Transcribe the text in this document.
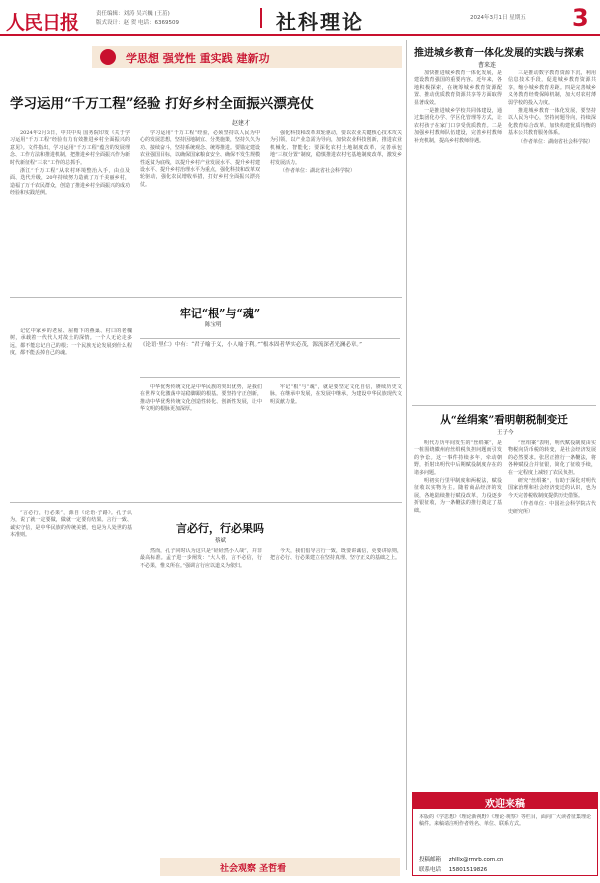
人民日报	责任编辑：刘涛 吴兴巍 (王茁)
版式设计：赵 贺 电话：6369509	社科理论	2024年3月1日 星期五 3
学思想 强党性 重实践 建新功
学习运用“千万工程”经验 打好乡村全面振兴漂亮仗
赵建才

2024年2月3日，中共中央 国务院印发《关于学习运用“千万工程”经验有力有效推进乡村全面振兴的意见》。文件指出，学习运用“千万工程”蕴含的发展理念、工作方法和推进机制，把推进乡村全面振兴作为新时代新征程“三农”工作的总抓手。

浙江“千万工程”从农村环境整治入手，由点及面、迭代升级，20年持续努力造就了万千美丽乡村，造福了万千农民群众，创造了推进乡村全面振兴的成功经验和实践范例。

学习运用“千万工程”经验，必须坚持以人民为中心的发展思想，坚持因地制宜、分类施策，坚持久久为功、接续奋斗，坚持系统观念、统筹推进。要锚定建设农业强国目标，以确保国家粮食安全、确保不发生规模性返贫为底线，以提升乡村产业发展水平、提升乡村建设水平、提升乡村治理水平为重点，强化科技和改革双轮驱动，强化农民增收举措，打好乡村全面振兴漂亮仗。

强化科技和改革双轮驱动，要以农业关键核心技术攻关为引领，以产业急需为导向，加快农业科技创新，推进农业机械化、智能化；要深化农村土地制度改革，完善承包地“三权分置”制度，稳慎推进农村宅基地制度改革，激发乡村发展活力。

（作者单位：湖北省社会科学院）

推进城乡教育一体化发展的实践与探索
曹来连

加快推进城乡教育一体化发展，是建设教育强国的重要内容。近年来，各地积极探索，在统筹城乡教育资源配置、推动优质教育资源共享等方面取得显著成效。

一是推进城乡学校共同体建设，通过集团化办学、学区化管理等方式，让农村孩子在家门口享受优质教育。二是加强乡村教师队伍建设，完善乡村教师补充机制，提高乡村教师待遇。

三是推动数字教育资源下沉，利用信息技术手段，促进城乡教育资源共享，缩小城乡教育差距。四是完善城乡义务教育经费保障机制，加大对农村薄弱学校的投入力度。

推进城乡教育一体化发展，要坚持以人民为中心，坚持问题导向，持续深化教育综合改革，加快构建优质均衡的基本公共教育服务体系。

（作者单位：湖南省社会科学院）

牢记“根”与“魂”
陈宝明
《论语·里仁》中有：“君子喻于义，小人喻于利。”“根本固者华实必茂，源流深者光澜必章。”

记忆中家乡的老屋、屋檐下的燕巢、村口的老槐树，承载着一代代人对故土的深情。一个人无论走多远，都不能忘记自己的根；一个民族无论发展到什么程度，都不能丢掉自己的魂。

中华优秀传统文化是中华民族的突出优势，是我们在世界文化激荡中站稳脚跟的根基。要坚持守正创新，推动中华优秀传统文化创造性转化、创新性发展，让中华文明的根脉更加深厚。

牢记“根”与“魂”，就是要坚定文化自信，赓续历史文脉，在继承中发展，在发展中继承，为建设中华民族现代文明贡献力量。

言必行，行必果吗
蔡斌

“言必行，行必果”，源自《论语·子路》。孔子认为，说了就一定要做，做就一定要有结果。言行一致、诚实守信，是中华民族的传统美德，也是为人处世的基本准则。

然而，孔子同时认为这只是“硁硁然小人哉”，并非最高标准。孟子进一步阐发：“大人者，言不必信，行不必果，惟义所在。”强调言行应以道义为依归。

今天，我们倡导言行一致，既要讲诚信，更要讲原则，把言必行、行必果建立在坚持真理、坚守正义的基础之上。

社会观察 圣哲看
从“丝绢案”看明朝税制变迁
王子今

明代万历年间发生的“丝绢案”，是一桩围绕徽州府丝绢税负担问题而引发的争讼。这一事件持续多年，牵动朝野，折射出明代中后期赋役制度存在的诸多问题。

明初实行里甲制度和两税法，赋役征收以实物为主。随着商品经济的发展，各地陆续推行赋役改革，力役逐步折银征收，为一条鞭法的推行奠定了基础。

“丝绢案”表明，明代赋役制度由实物税向货币税的转变，是社会经济发展的必然要求。张居正推行一条鞭法，将各种赋役合并征银，简化了征收手续，在一定程度上减轻了农民负担。

研究“丝绢案”，有助于深化对明代国家治理和社会经济变迁的认识，也为今天完善税收制度提供历史借鉴。

（作者单位：中国社会科学院古代史研究所）

欢迎来稿
本版的《学思想》《理论新视野》《理论·观察》等栏目，面向广大读者征集理论稿件。来稿请注明作者姓名、单位、联系方式。
投稿邮箱 zhlllx@rmrb.com.cn
联系电话 15801519826
